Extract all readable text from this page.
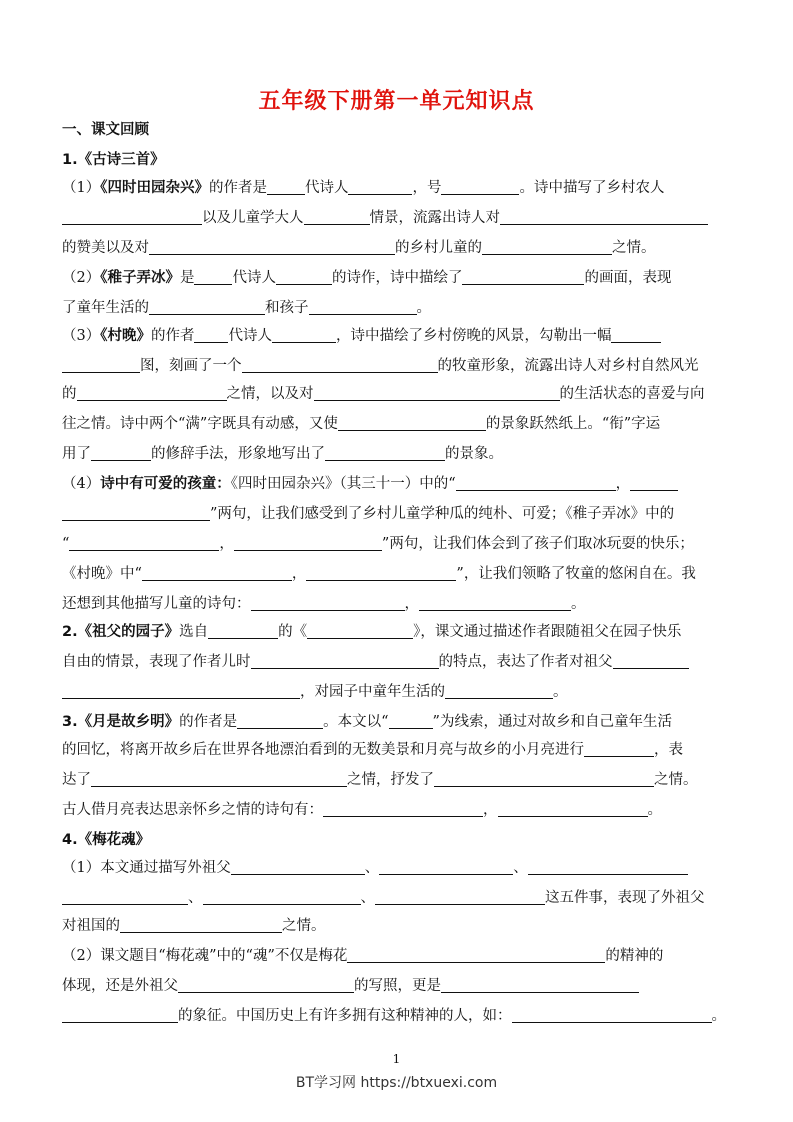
五年级下册第一单元知识点
一、课文回顾
1.《古诗三首》
（1）《四时田园杂兴》的作者是	代诗人	，号	。诗中描写了乡村农人
以及儿童学大人	情景，流露出诗人对
的赞美以及对	的乡村儿童的	之情。
（2）《稚子弄冰》是	代诗人	的诗作，诗中描绘了	的画面，表现
了童年生活的	和孩子	。
（3）《村晚》的作者 代诗人	，诗中描绘了乡村傍晚的风景，勾勒出一幅
图，刻画了一个	的牧童形象，流露出诗人对乡村自然风光
的	之情，以及对	的生活状态的喜爱与向
往之情。诗中两个“满”字既具有动感，又使	的景象跃然纸上。“衔”字运
用了	的修辞手法，形象地写出了	的景象。
（4）诗中有可爱的孩童：《四时田园杂兴》（其三十一）中的“	，
”两句，让我们感受到了乡村儿童学种瓜的纯朴、可爱；《稚子弄冰》中的
“	，	”两句，让我们体会到了孩子们取冰玩耍的快乐；
《村晚》中“	，	”，让我们领略了牧童的悠闲自在。我
还想到其他描写儿童的诗句：	，	。
2.《祖父的园子》选自	的《	》，课文通过描述作者跟随祖父在园子快乐
自由的情景，表现了作者儿时	的特点，表达了作者对祖父
，对园子中童年生活的	。
3.《月是故乡明》的作者是	。本文以“	”为线索，通过对故乡和自己童年生活
的回忆，将离开故乡后在世界各地漂泊看到的无数美景和月亮与故乡的小月亮进行	，表
达了	之情，抒发了	之情。
古人借月亮表达思亲怀乡之情的诗句有：	，	。
4.《梅花魂》
（1）本文通过描写外祖父	、	、
、	、	这五件事，表现了外祖父
对祖国的	之情。
（2）课文题目“梅花魂”中的“魂”不仅是梅花	的精神的
体现，还是外祖父	的写照，更是
的象征。中国历史上有许多拥有这种精神的人，如：	。
1
BT学习网 https://btxuexi.com
